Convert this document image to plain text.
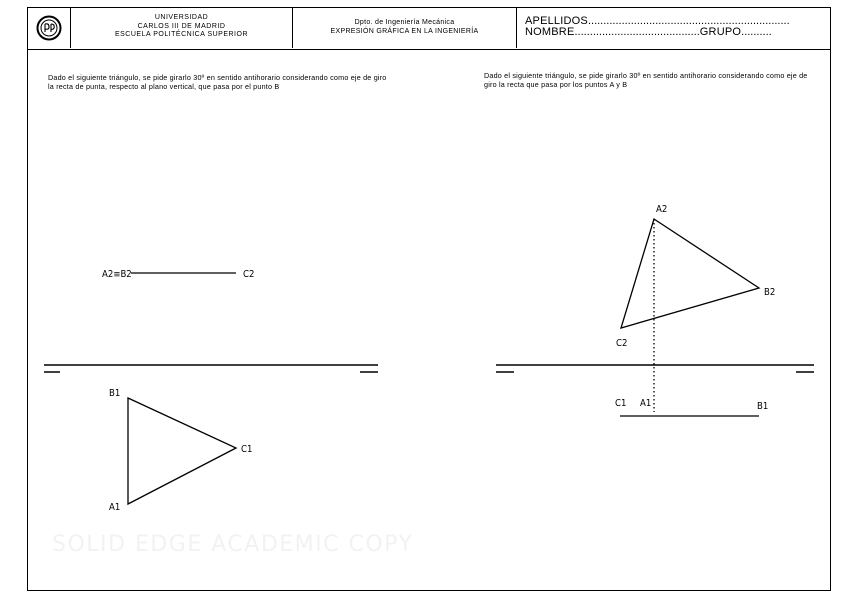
UNIVERSIDAD
CARLOS III DE MADRID
ESCUELA POLITÉCNICA SUPERIOR
Dpto. de Ingeniería Mecánica
EXPRESIÓN GRÁFICA EN LA INGENIERÍA
APELLIDOS..................................................................
NOMBRE.........................................GRUPO..........
Dado el siguiente triángulo, se pide girarlo 30º en sentido antihorario considerando como eje de giro la recta de punta, respecto al plano vertical, que pasa por el punto B
Dado el siguiente triángulo, se pide girarlo 30º en sentido antihorario considerando como eje de giro la recta que pasa por los puntos A y B
SOLID EDGE ACADEMIC COPY
A2≡B2	C2
B1
C1
A1
A2
B2
C2
C1 A1	B1
